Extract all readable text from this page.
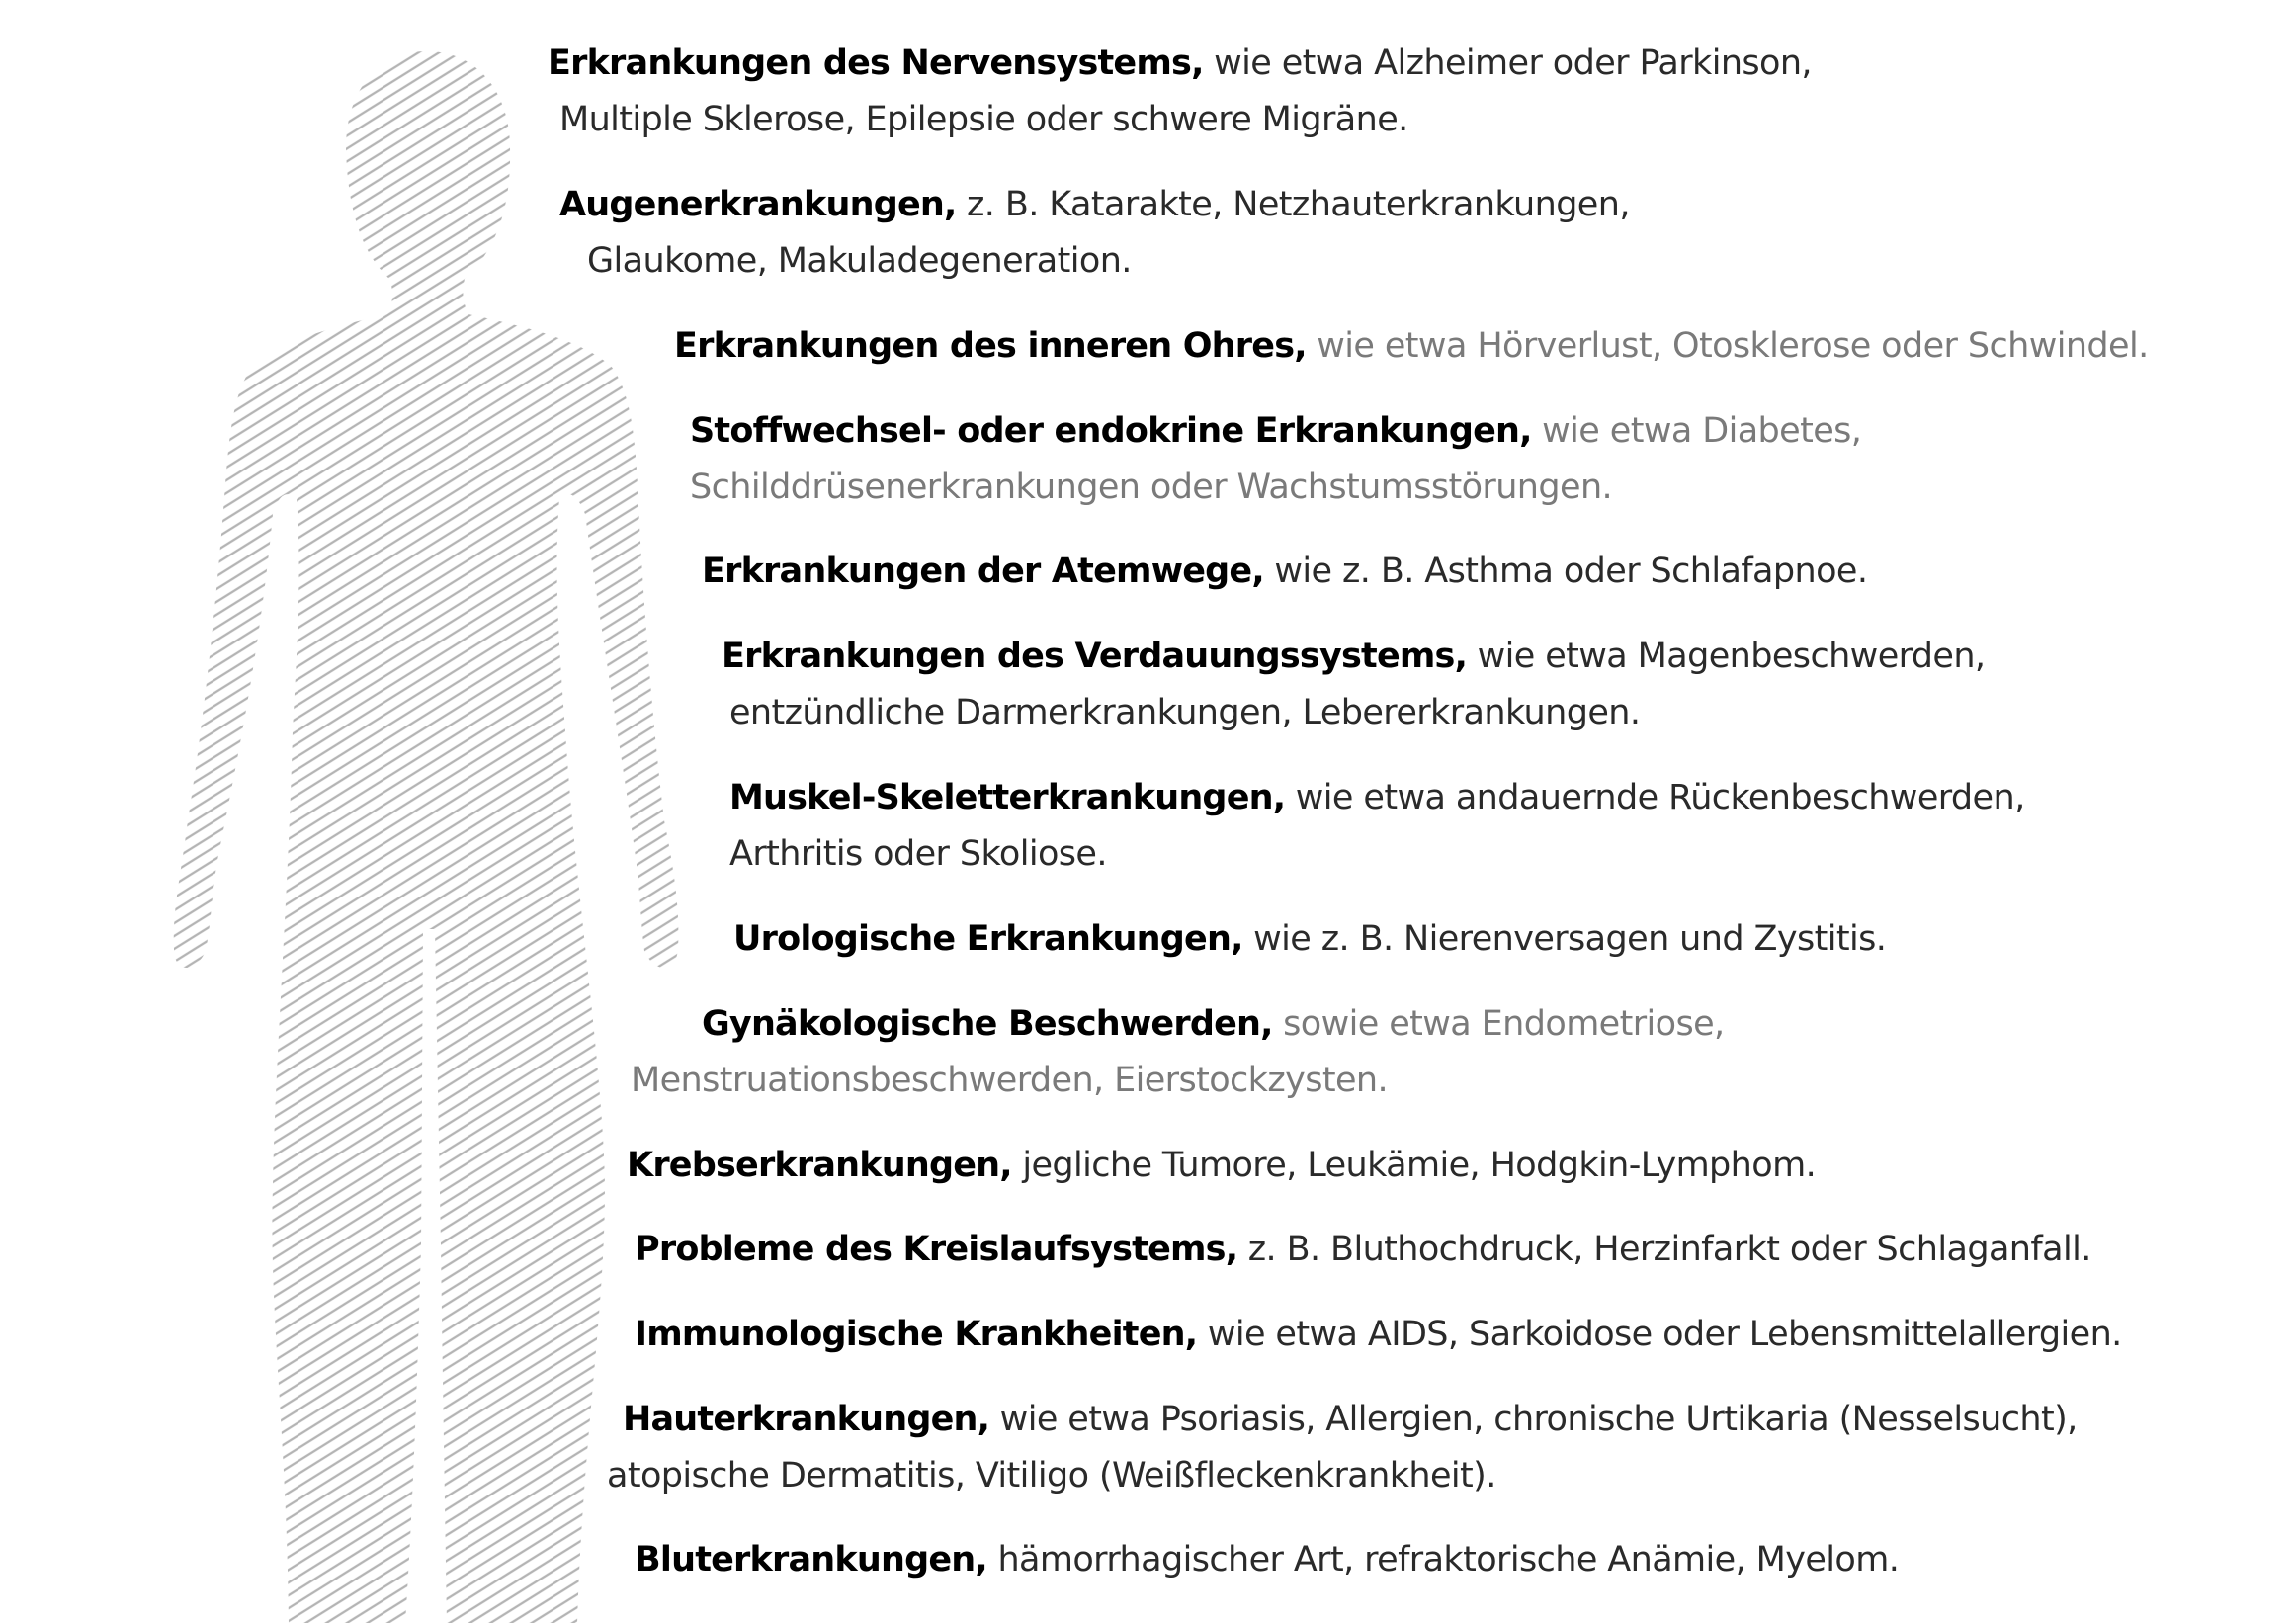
Erkrankungen des Nervensystems, wie etwa Alzheimer oder Parkinson,
Multiple Sklerose, Epilepsie oder schwere Migräne.
Augenerkrankungen, z. B. Katarakte, Netzhauterkrankungen,
Glaukome, Makuladegeneration.
Erkrankungen des inneren Ohres, wie etwa Hörverlust, Otosklerose oder Schwindel.
Stoffwechsel- oder endokrine Erkrankungen, wie etwa Diabetes,
Schilddrüsenerkrankungen oder Wachstumsstörungen.
Erkrankungen der Atemwege, wie z. B. Asthma oder Schlafapnoe.
Erkrankungen des Verdauungssystems, wie etwa Magenbeschwerden,
entzündliche Darmerkrankungen, Lebererkrankungen.
Muskel-Skeletterkrankungen, wie etwa andauernde Rückenbeschwerden,
Arthritis oder Skoliose.
Urologische Erkrankungen, wie z. B. Nierenversagen und Zystitis.
Gynäkologische Beschwerden, sowie etwa Endometriose,
Menstruationsbeschwerden, Eierstockzysten.
Krebserkrankungen, jegliche Tumore, Leukämie, Hodgkin-Lymphom.
Probleme des Kreislaufsystems, z. B. Bluthochdruck, Herzinfarkt oder Schlaganfall.
Immunologische Krankheiten, wie etwa AIDS, Sarkoidose oder Lebensmittelallergien.
Hauterkrankungen, wie etwa Psoriasis, Allergien, chronische Urtikaria (Nesselsucht),
atopische Dermatitis, Vitiligo (Weißfleckenkrankheit).
Bluterkrankungen, hämorrhagischer Art, refraktorische Anämie, Myelom.
